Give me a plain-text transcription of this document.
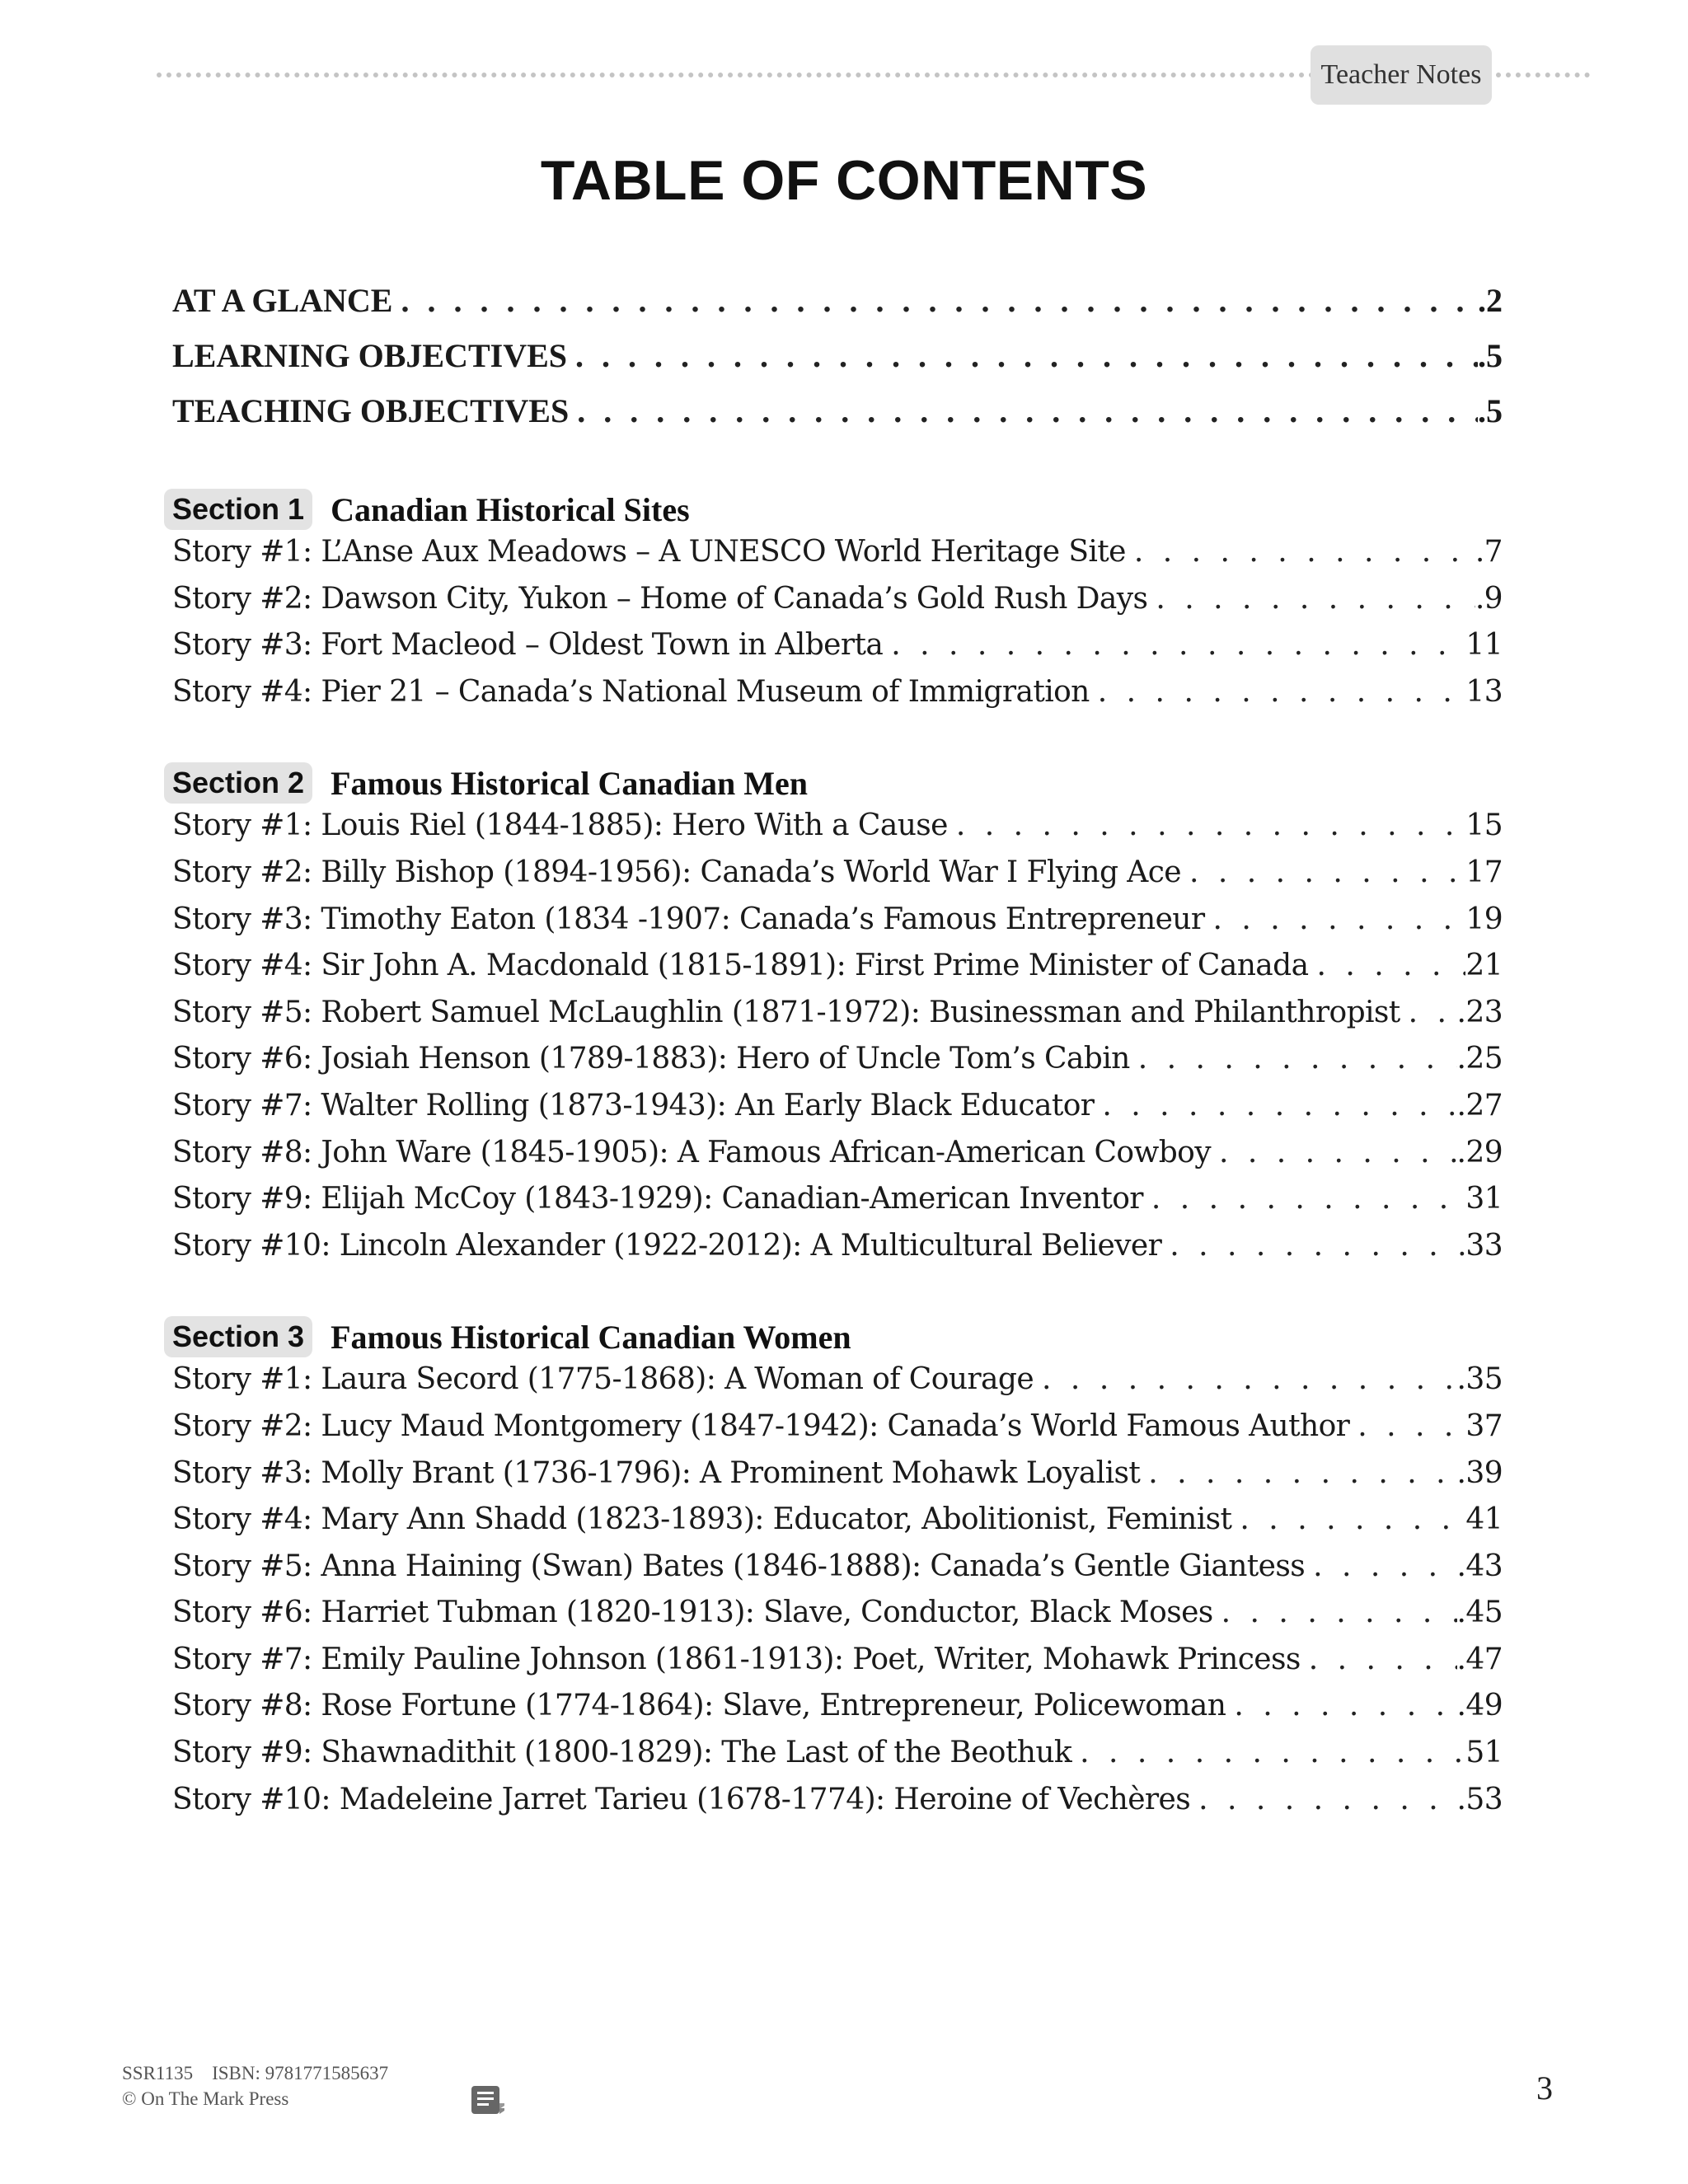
Teacher Notes
TABLE OF CONTENTS
AT A GLANCE . . .	.2
LEARNING OBJECTIVES . . .	.5
TEACHING OBJECTIVES . . .	.5
Section 1 Canadian Historical Sites
Story #1: L’Anse Aux Meadows – A UNESCO World Heritage Site . . .	.7
Story #2: Dawson City, Yukon – Home of Canada’s Gold Rush Days . . .	.9
Story #3: Fort Macleod – Oldest Town in Alberta . . .	11
Story #4: Pier 21 – Canada’s National Museum of Immigration . . .	13
Section 2 Famous Historical Canadian Men
Story #1: Louis Riel (1844-1885): Hero With a Cause . . .	15
Story #2: Billy Bishop (1894-1956): Canada’s World War I Flying Ace . . .	17
Story #3: Timothy Eaton (1834 -1907: Canada’s Famous Entrepreneur . . .	19
Story #4: Sir John A. Macdonald (1815-1891): First Prime Minister of Canada . . .	21
Story #5: Robert Samuel McLaughlin (1871-1972): Businessman and Philanthropist . . . .23
Story #6: Josiah Henson (1789-1883): Hero of Uncle Tom’s Cabin . . .	.25
Story #7: Walter Rolling (1873-1943): An Early Black Educator . . .	.27
Story #8: John Ware (1845-1905): A Famous African-American Cowboy . . .	.29
Story #9: Elijah McCoy (1843-1929): Canadian-American Inventor . . .	31
Story #10: Lincoln Alexander (1922-2012): A Multicultural Believer . . .	33
Section 3 Famous Historical Canadian Women
Story #1: Laura Secord (1775-1868): A Woman of Courage . . .	.35
Story #2: Lucy Maud Montgomery (1847-1942): Canada’s World Famous Author . . .	37
Story #3: Molly Brant (1736-1796): A Prominent Mohawk Loyalist . . .	.39
Story #4: Mary Ann Shadd (1823-1893): Educator, Abolitionist, Feminist . . .	41
Story #5: Anna Haining (Swan) Bates (1846-1888): Canada’s Gentle Giantess . . .	.43
Story #6: Harriet Tubman (1820-1913): Slave, Conductor, Black Moses . . .	.45
Story #7: Emily Pauline Johnson (1861-1913): Poet, Writer, Mohawk Princess . . .	.47
Story #8: Rose Fortune (1774-1864): Slave, Entrepreneur, Policewoman . . .	.49
Story #9: Shawnadithit (1800-1829): The Last of the Beothuk . . .	51
Story #10: Madeleine Jarret Tarieu (1678-1774): Heroine of Vechères . . .	.53
SSR1135    ISBN: 9781771585637
© On The Mark Press	3
